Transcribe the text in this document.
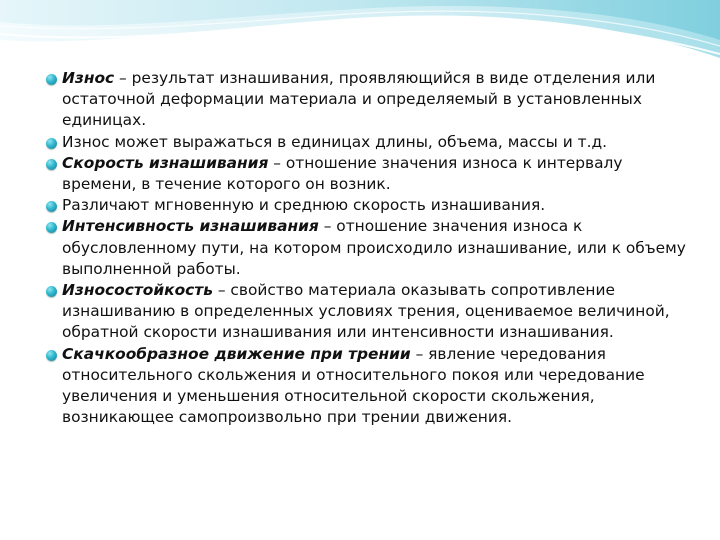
Износ – результат изнашивания, проявляющийся в виде отделения или остаточной деформации материала и определяемый в установленных единицах.
Износ может выражаться в единицах длины, объема, массы и т.д.
Скорость изнашивания – отношение значения износа к интервалу времени, в течение которого он возник.
Различают мгновенную и среднюю скорость изнашивания.
Интенсивность изнашивания – отношение значения износа к обусловленному пути, на котором происходило изнашивание, или к объему выполненной работы.
Износостойкость – свойство материала оказывать сопротивление изнашиванию в определенных условиях трения, оцениваемое величиной, обратной скорости изнашивания или интенсивности изнашивания.
Скачкообразное движение при трении – явление чередования относительного скольжения и относительного покоя или чередование увеличения и уменьшения относительной скорости скольжения, возникающее самопроизвольно при трении движения.
